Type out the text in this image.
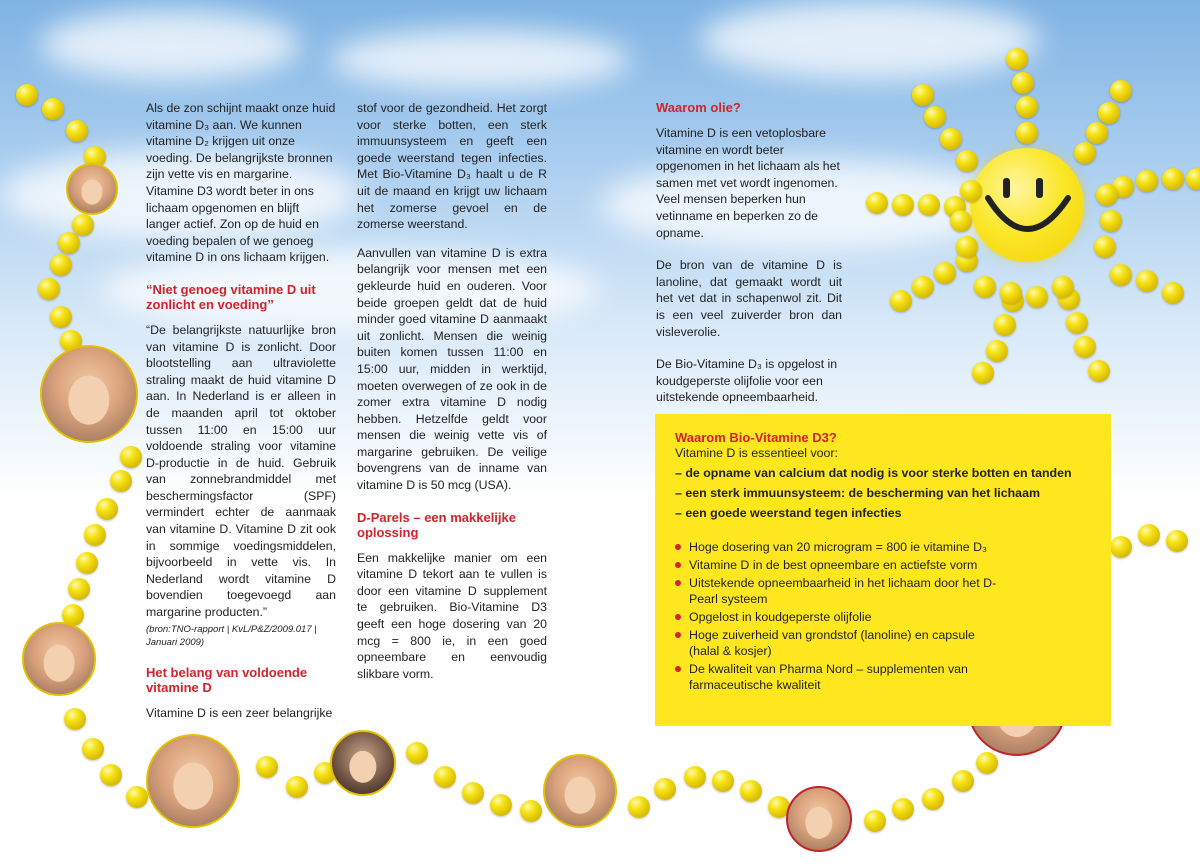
Als de zon schijnt maakt onze huid vitamine D₃ aan. We kunnen vitamine D₂ krijgen uit onze voeding. De belangrijkste bronnen zijn vette vis en margarine. Vitamine D3 wordt beter in ons lichaam opgenomen en blijft langer actief. Zon op de huid en voeding bepalen of we genoeg vitamine D in ons lichaam krijgen.

“Niet genoeg vitamine D uit zonlicht en voeding”

“De belangrijkste natuurlijke bron van vitamine D is zonlicht. Door blootstelling aan ultraviolette straling maakt de huid vitamine D aan. In Nederland is er alleen in de maanden april tot oktober tussen 11:00 en 15:00 uur voldoende straling voor vitamine D-productie in de huid. Gebruik van zonnebrandmiddel met beschermingsfactor (SPF) vermindert echter de aanmaak van vitamine D. Vitamine D zit ook in sommige voedingsmiddelen, bijvoorbeeld in vette vis. In Nederland wordt vitamine D bovendien toegevoegd aan margarine producten.”

(bron:TNO-rapport | KvL/P&Z/2009.017 | Januari 2009)

Het belang van voldoende vitamine D

Vitamine D is een zeer belangrijke

stof voor de gezondheid. Het zorgt voor sterke botten, een sterk immuunsysteem en geeft een goede weerstand tegen infecties. Met Bio-Vitamine D₃ haalt u de R uit de maand en krijgt uw lichaam het zomerse gevoel en de zomerse weerstand.

Aanvullen van vitamine D is extra belangrijk voor mensen met een gekleurde huid en ouderen. Voor beide groepen geldt dat de huid minder goed vitamine D aanmaakt uit zonlicht. Mensen die weinig buiten komen tussen 11:00 en 15:00 uur, midden in werktijd, moeten overwegen of ze ook in de zomer extra vitamine D nodig hebben. Hetzelfde geldt voor mensen die weinig vette vis of margarine gebruiken. De veilige bovengrens van de inname van vitamine D is 50 mcg (USA).

D-Parels – een makkelijke oplossing

Een makkelijke manier om een vitamine D tekort aan te vullen is door een vitamine D supplement te gebruiken. Bio-Vitamine D3 geeft een hoge dosering van 20 mcg = 800 ie, in een goed opneembare en eenvoudig slikbare vorm.

Waarom olie?

Vitamine D is een vetoplosbare vitamine en wordt beter opgenomen in het lichaam als het samen met vet wordt ingenomen. Veel mensen beperken hun vetinname en beperken zo de opname.

De bron van de vitamine D is lanoline, dat gemaakt wordt uit het vet dat in schapenwol zit. Dit is een veel zuiverder bron dan visleverolie.

De Bio-Vitamine D₃ is opgelost in koudgeperste olijfolie voor een uitstekende opneembaarheid.

Waarom Bio-Vitamine D3?

Vitamine D is essentieel voor:

– de opname van calcium dat nodig is voor sterke botten en tanden
– een sterk immuunsysteem: de bescherming van het lichaam
– een goede weerstand tegen infecties
Hoge dosering van 20 microgram = 800 ie vitamine D₃
Vitamine D in de best opneembare en actiefste vorm
Uitstekende opneembaarheid in het lichaam door het D-Pearl systeem
Opgelost in koudgeperste olijfolie
Hoge zuiverheid van grondstof (lanoline) en capsule (halal & kosjer)
De kwaliteit van Pharma Nord – supplementen van farmaceutische kwaliteit
